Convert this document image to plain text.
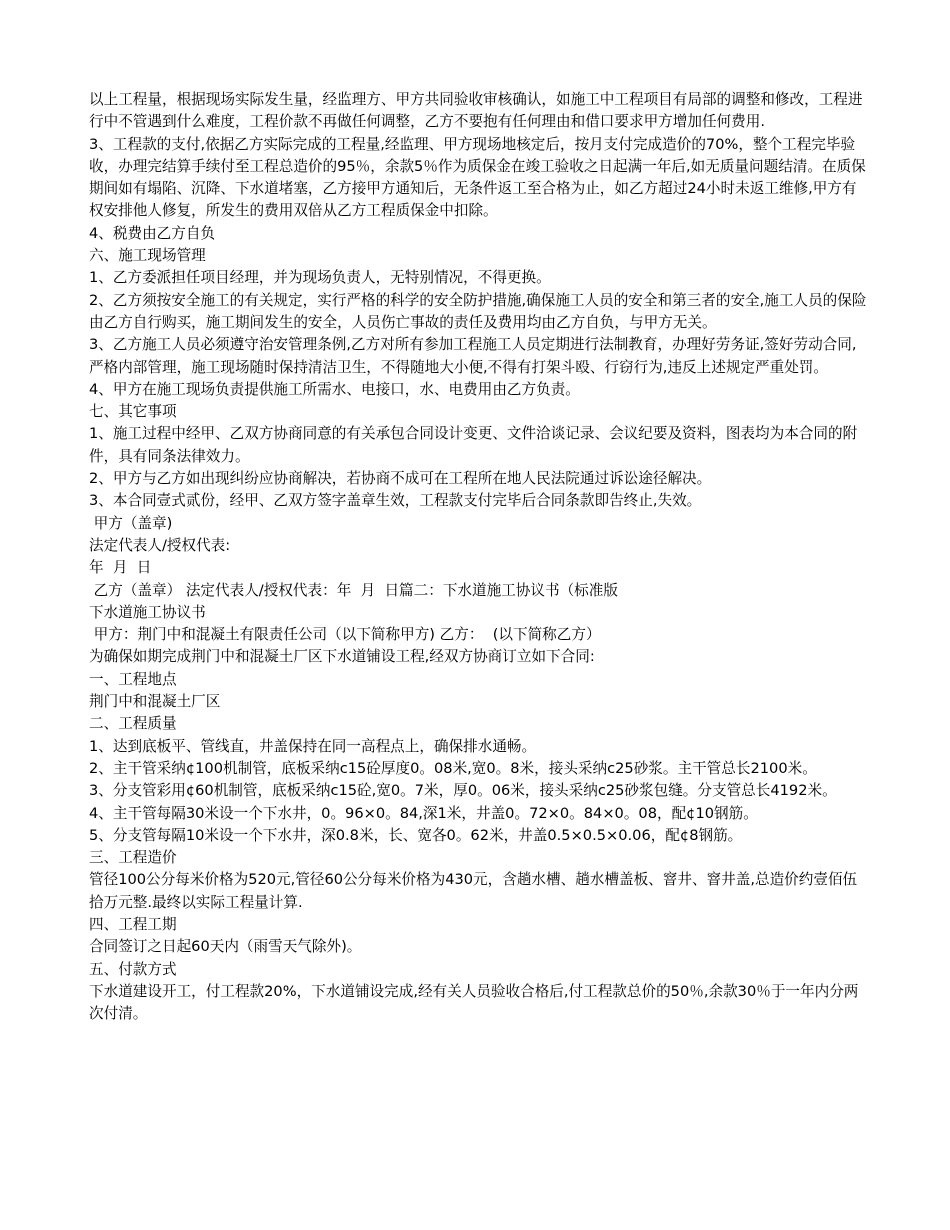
以上工程量，根据现场实际发生量，经监理方、甲方共同验收审核确认，如施工中工程项目有局部的调整和修改，工程进行中不管遇到什么难度，工程价款不再做任何调整，乙方不要抱有任何理由和借口要求甲方增加任何费用.

3、工程款的支付,依据乙方实际完成的工程量,经监理、甲方现场地核定后，按月支付完成造价的70%，整个工程完毕验收，办理完结算手续付至工程总造价的95％，余款5％作为质保金在竣工验收之日起满一年后,如无质量问题结清。在质保期间如有塌陷、沉降、下水道堵塞，乙方接甲方通知后，无条件返工至合格为止，如乙方超过24小时未返工维修,甲方有权安排他人修复，所发生的费用双倍从乙方工程质保金中扣除。

4、税费由乙方自负

六、施工现场管理

1、乙方委派担任项目经理，并为现场负责人，无特别情况，不得更换。

2、乙方须按安全施工的有关规定，实行严格的科学的安全防护措施,确保施工人员的安全和第三者的安全,施工人员的保险由乙方自行购买，施工期间发生的安全，人员伤亡事故的责任及费用均由乙方自负，与甲方无关。

3、乙方施工人员必须遵守治安管理条例,乙方对所有参加工程施工人员定期进行法制教育，办理好劳务证,签好劳动合同,严格内部管理，施工现场随时保持清洁卫生，不得随地大小便,不得有打架斗殴、行窃行为,违反上述规定严重处罚。

4、甲方在施工现场负责提供施工所需水、电接口，水、电费用由乙方负责。

七、其它事项

1、施工过程中经甲、乙双方协商同意的有关承包合同设计变更、文件洽谈记录、会议纪要及资料，图表均为本合同的附件，具有同条法律效力。

2、甲方与乙方如出现纠纷应协商解决，若协商不成可在工程所在地人民法院通过诉讼途径解决。

3、本合同壹式贰份，经甲、乙双方签字盖章生效，工程款支付完毕后合同条款即告终止,失效。

甲方（盖章)

法定代表人/授权代表:

年  月  日

乙方（盖章） 法定代表人/授权代表：年  月  日篇二：下水道施工协议书（标准版

下水道施工协议书

甲方：荆门中和混凝土有限责任公司（以下简称甲方) 乙方：  (以下简称乙方）

为确保如期完成荆门中和混凝土厂区下水道铺设工程,经双方协商订立如下合同:

一、工程地点

荆门中和混凝土厂区

二、工程质量

1、达到底板平、管线直，井盖保持在同一高程点上，确保排水通畅。

2、主干管采纳¢100机制管，底板采纳c15砼厚度0。08米,宽0。8米，接头采纳c25砂浆。主干管总长2100米。

3、分支管彩用¢60机制管，底板采纳c15砼,宽0。7米，厚0。06米，接头采纳c25砂浆包缝。分支管总长4192米。

4、主干管每隔30米设一个下水井，0。96×0。84,深1米，井盖0。72×0。84×0。08，配¢10钢筋。

5、分支管每隔10米设一个下水井，深0.8米，长、宽各0。62米，井盖0.5×0.5×0.06，配¢8钢筋。

三、工程造价

管径100公分每米价格为520元,管径60公分每米价格为430元，含趟水槽、趟水槽盖板、窨井、窨井盖,总造价约壹佰伍拾万元整.最终以实际工程量计算.

四、工程工期

合同签订之日起60天内（雨雪天气除外)。

五、付款方式

下水道建设开工，付工程款20%，下水道铺设完成,经有关人员验收合格后,付工程款总价的50％,余款30％于一年内分两次付清。
